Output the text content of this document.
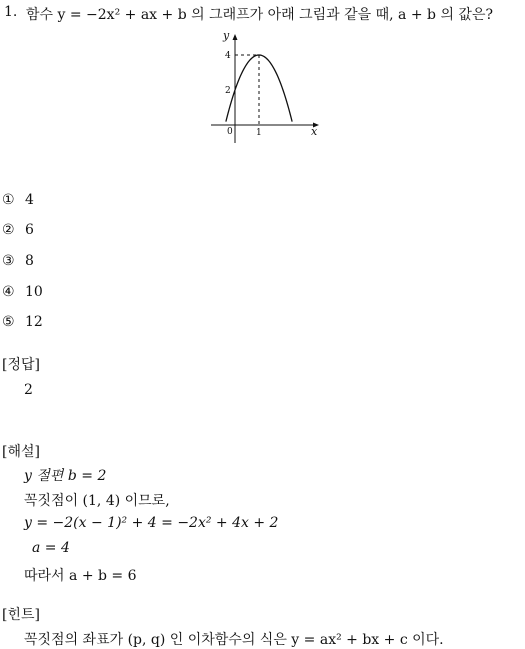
1. 함수 y = −2x² + ax + b 의 그래프가 아래 그림과 같을 때, a + b 의 값은?
y
x
0	1
2
4
① 4
② 6
③ 8
④ 10
⑤ 12
[정답]
2
[해설]
y 절편 b = 2
꼭짓점이 (1, 4) 이므로,
y = −2(x − 1)² + 4 = −2x² + 4x + 2
a = 4
따라서 a + b = 6
[힌트]
꼭짓점의 좌표가 (p, q) 인 이차함수의 식은 y = ax² + bx + c 이다.
